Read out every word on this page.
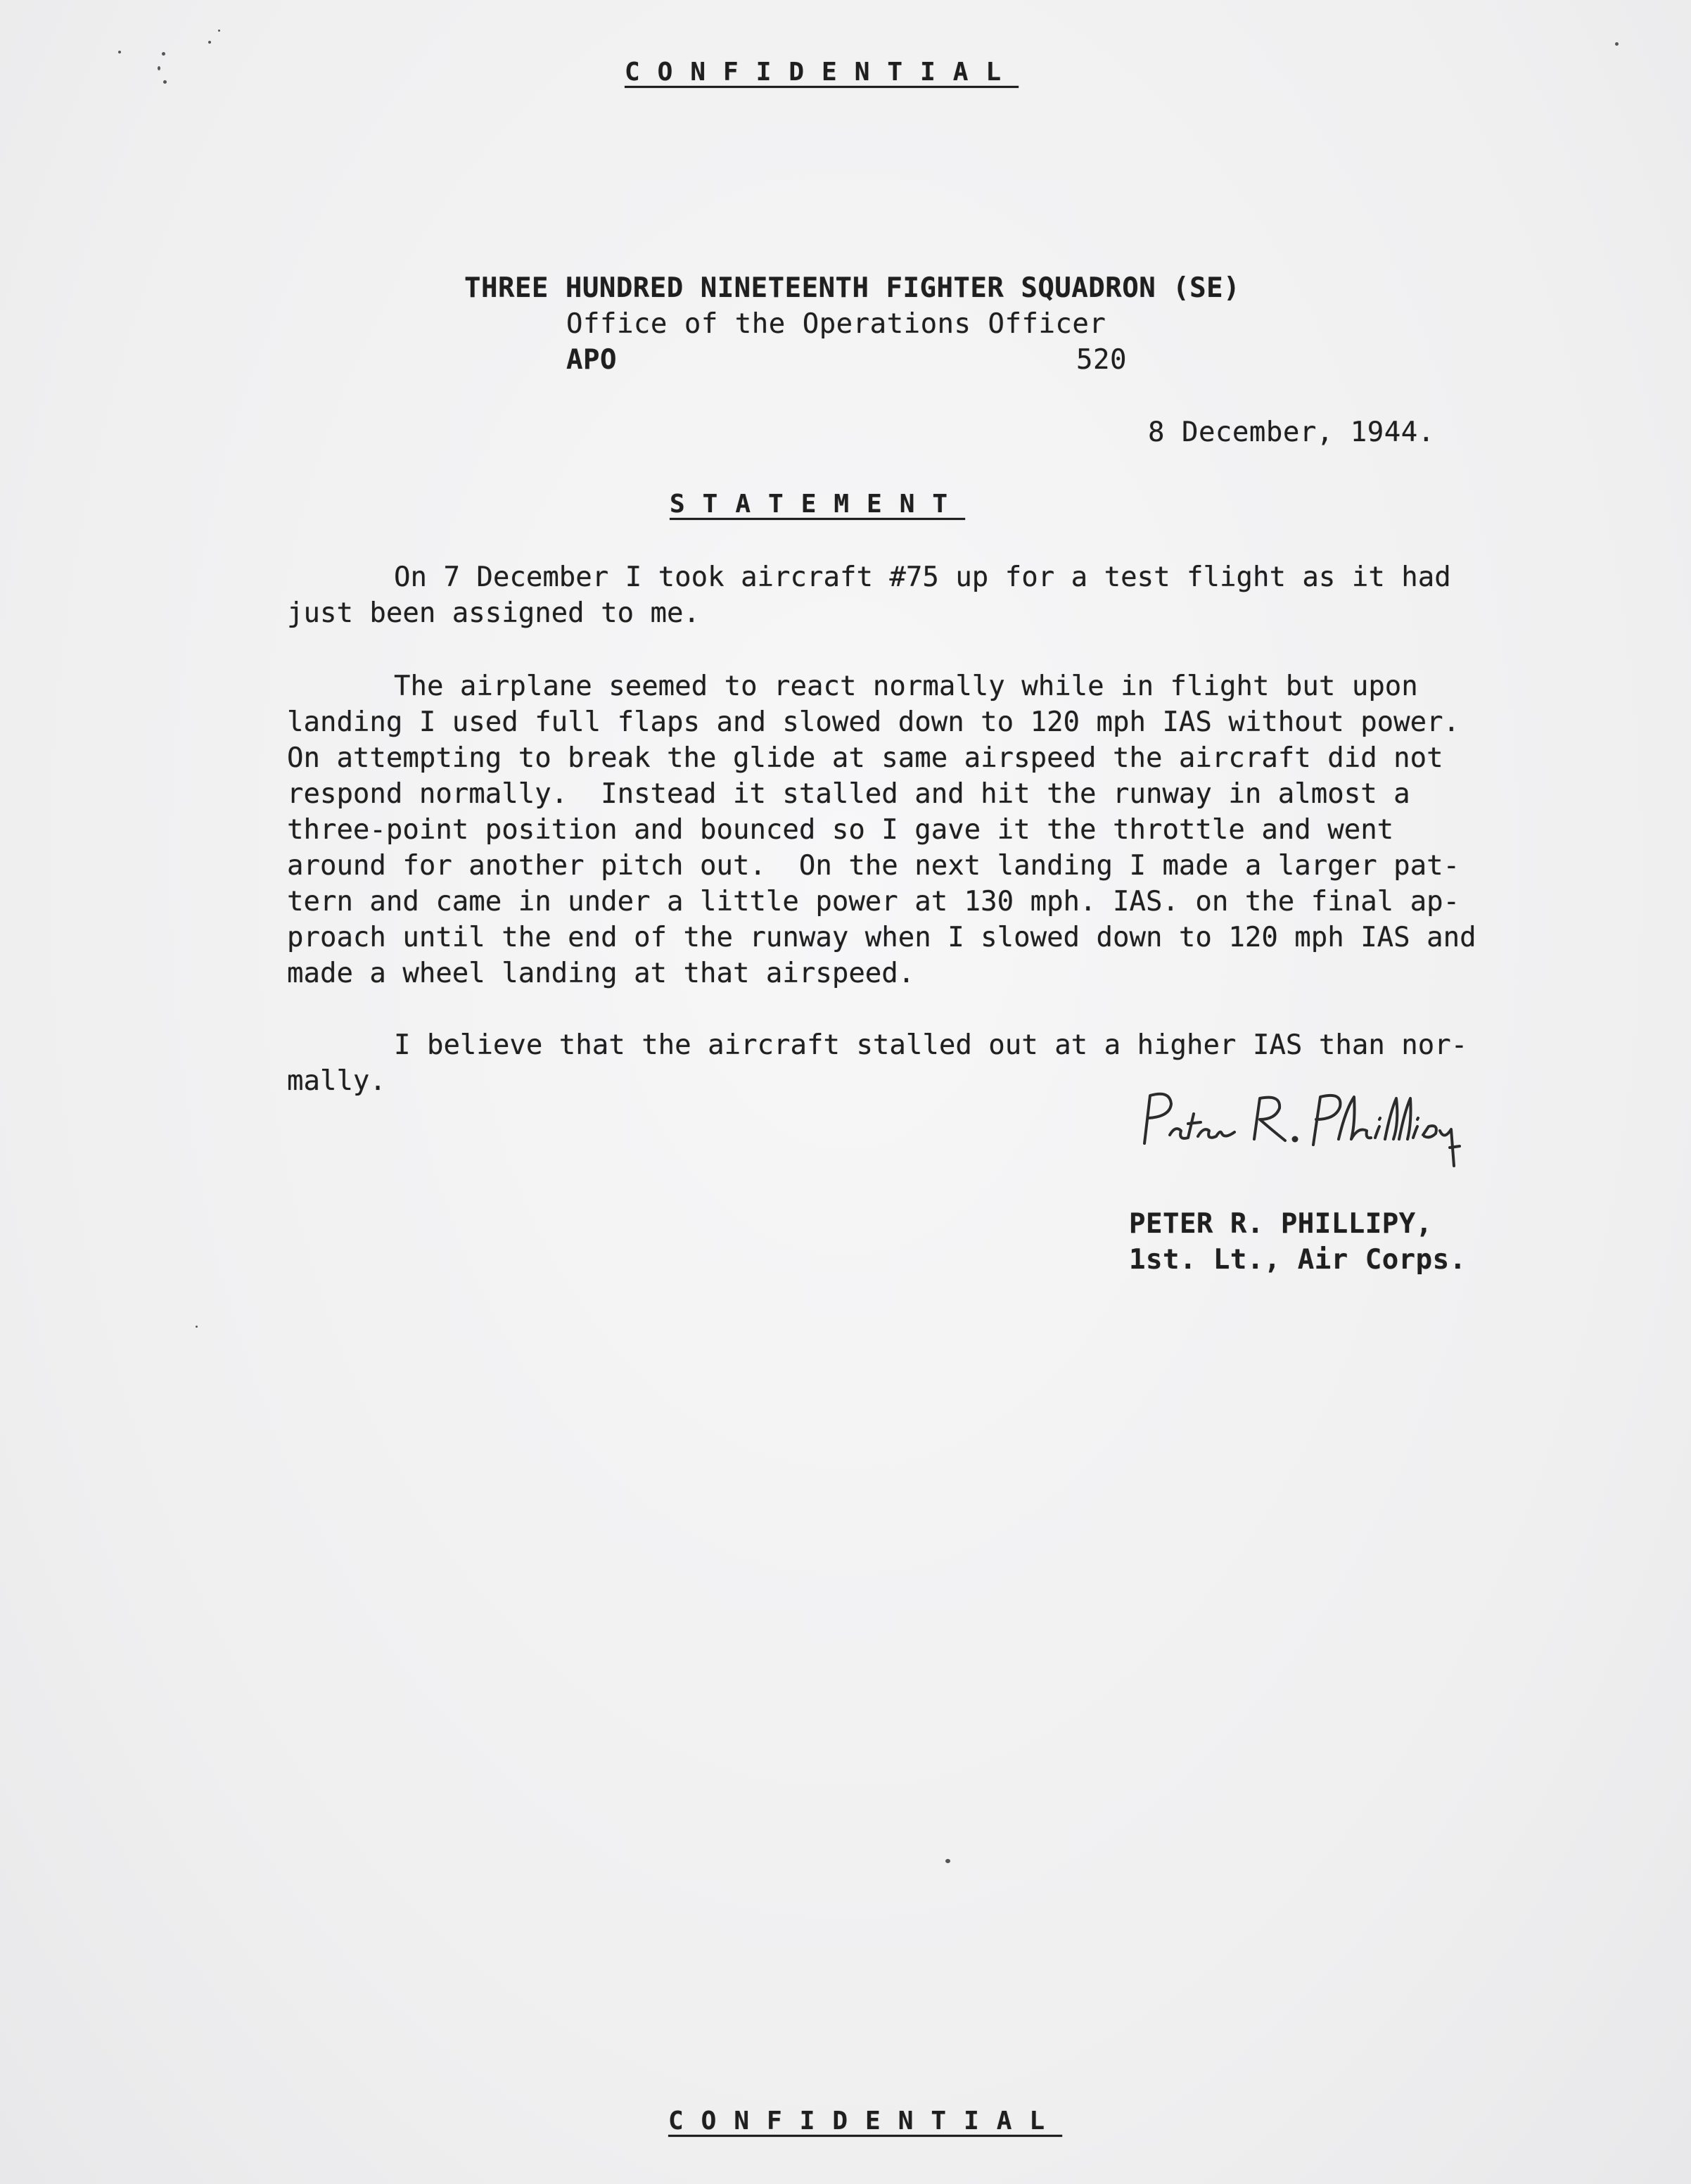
CONFIDENTIAL
THREE HUNDRED NINETEENTH FIGHTER SQUADRON (SE)
Office of the Operations Officer
APO	520
8 December, 1944.
STATEMENT
On 7 December I took aircraft #75 up for a test flight as it had
just been assigned to me.
The airplane seemed to react normally while in flight but upon
landing I used full flaps and slowed down to 120 mph IAS without power.
On attempting to break the glide at same airspeed the aircraft did not
respond normally.  Instead it stalled and hit the runway in almost a
three-point position and bounced so I gave it the throttle and went
around for another pitch out.  On the next landing I made a larger pat-
tern and came in under a little power at 130 mph. IAS. on the final ap-
proach until the end of the runway when I slowed down to 120 mph IAS and
made a wheel landing at that airspeed.
I believe that the aircraft stalled out at a higher IAS than nor-
mally.
PETER R. PHILLIPY,
1st. Lt., Air Corps.
CONFIDENTIAL
